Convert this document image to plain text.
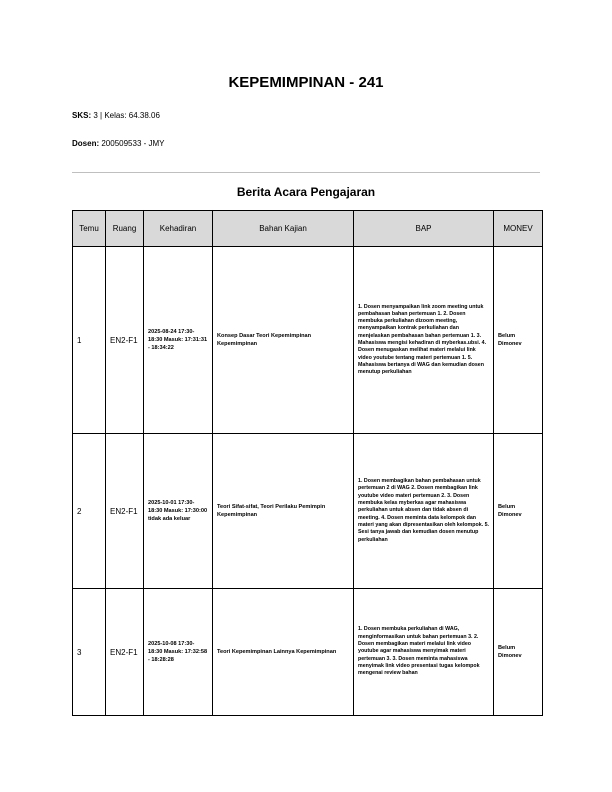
KEPEMIMPINAN - 241
SKS: 3 | Kelas: 64.38.06
Dosen: 200509533 - JMY
Berita Acara Pengajaran
Temu	Ruang	Kehadiran	Bahan Kajian	BAP	MONEV
1	EN2-F1	2025-08-24 17:30-18:30 Masuk: 17:31:31 - 18:34:22	Konsep Dasar Teori Kepemimpinan Kepemimpinan	1. Dosen menyampaikan link zoom meeting untuk pembahasan bahan pertemuan 1. 2. Dosen membuka perkuliahan dizoom meeting, menyampaikan kontrak perkuliahan dan menjelaskan pembahasan bahan pertemuan 1. 3. Mahasiswa mengisi kehadiran di myberkas.ubsi. 4. Dosen menugaskan melihat materi melalui link video youtube tentang materi pertemuan 1. 5. Mahasiswa bertanya di WAG dan kemudian dosen menutup perkuliahan	Belum Dimonev
2	EN2-F1	2025-10-01 17:30-18:30 Masuk: 17:30:00 tidak ada keluar	Teori Sifat-sifat, Teori Perilaku Pemimpin Kepemimpinan	1. Dosen membagikan bahan pembahasan untuk pertemuan 2 di WAG 2. Dosen membagikan link youtube video materi pertemuan 2. 3. Dosen membuka kelas myberkas agar mahasiswa perkuliahan untuk absen dan tidak absen di meeting. 4. Dosen meminta data kelompok dan materi yang akan dipresentasikan oleh kelompok. 5. Sesi tanya jawab dan kemudian dosen menutup perkuliahan	Belum Dimonev
3	EN2-F1	2025-10-08 17:30-18:30 Masuk: 17:32:58 - 18:28:28	Teori Kepemimpinan Lainnya Kepemimpinan	1. Dosen membuka perkuliahan di WAG, menginformasikan untuk bahan pertemuan 3. 2. Dosen membagikan materi melalui link video youtube agar mahasiswa menyimak materi pertemuan 3. 3. Dosen meminta mahasiswa menyimak link video presentasi tugas kelompok mengenai review bahan	Belum Dimonev
